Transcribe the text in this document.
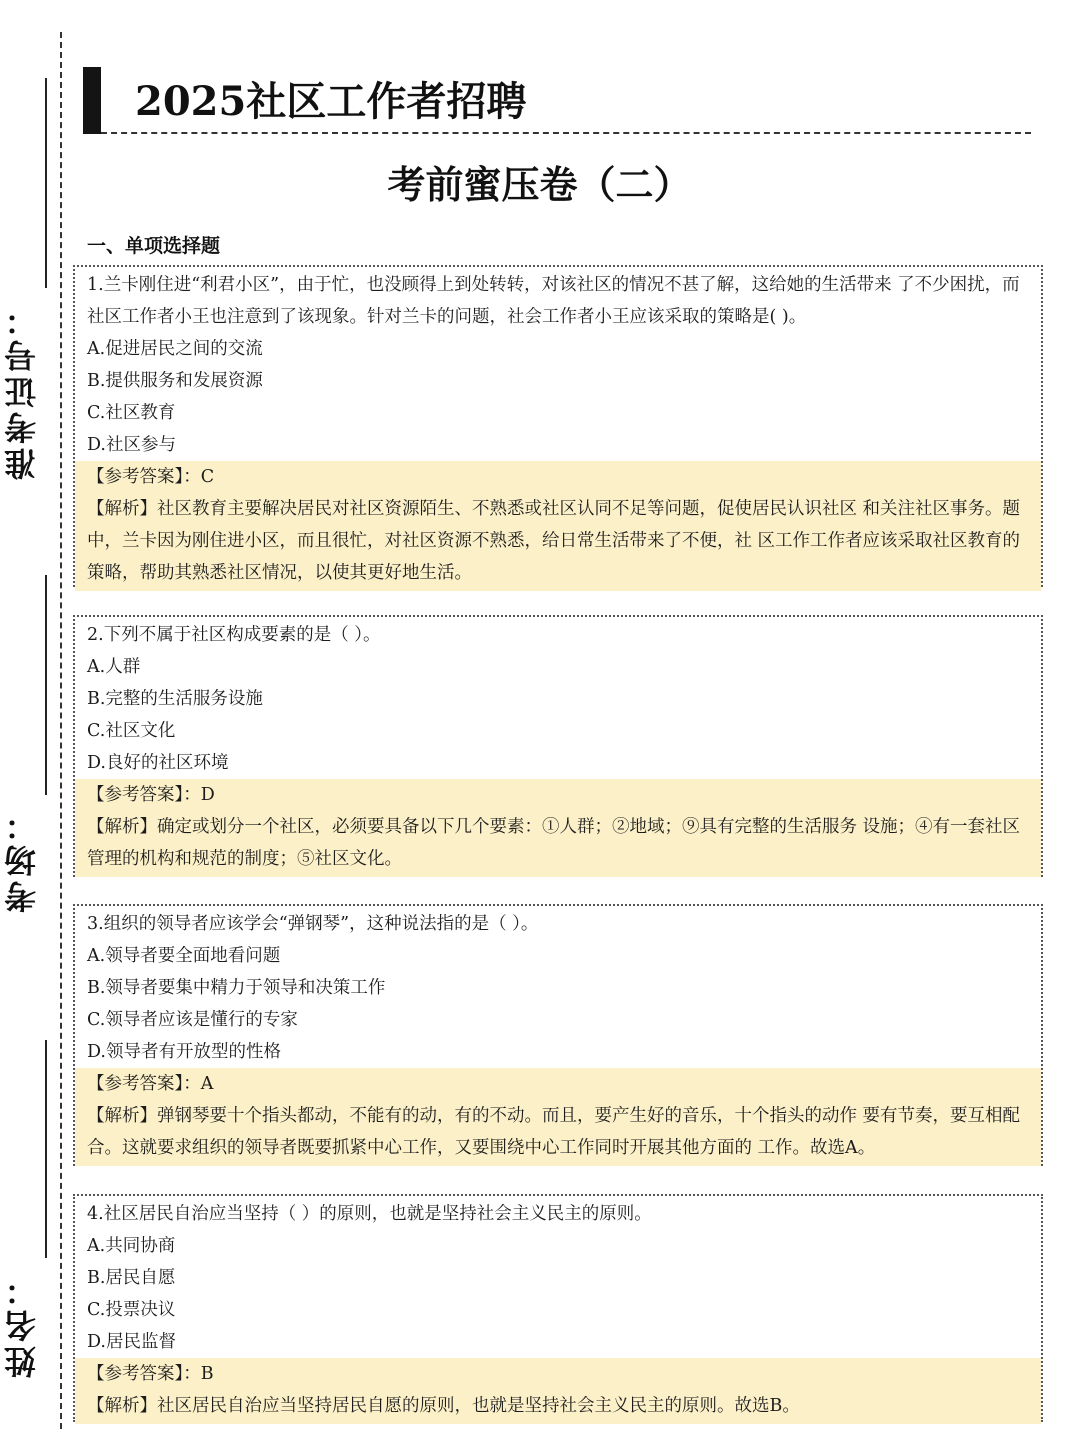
准考证号：
考场：
姓名：
2025社区工作者招聘
考前蜜压卷（二）
一、单项选择题

1.兰卡刚住进“利君小区”，由于忙，也没顾得上到处转转，对该社区的情况不甚了解，这给她的生活带来 了不少困扰，而社区工作者小王也注意到了该现象。针对兰卡的问题，社会工作者小王应该采取的策略是( )。

A.促进居民之间的交流

B.提供服务和发展资源

C.社区教育

D.社区参与

【参考答案】：C

【解析】社区教育主要解决居民对社区资源陌生、不熟悉或社区认同不足等问题，促使居民认识社区 和关注社区事务。题中，兰卡因为刚住进小区，而且很忙，对社区资源不熟悉，给日常生活带来了不便，社 区工作工作者应该采取社区教育的策略，帮助其熟悉社区情况，以使其更好地生活。

2.下列不属于社区构成要素的是（ ）。

A.人群

B.完整的生活服务设施

C.社区文化

D.良好的社区环境

【参考答案】：D

【解析】确定或划分一个社区，必须要具备以下几个要素：①人群；②地域；⑨具有完整的生活服务 设施；④有一套社区管理的机构和规范的制度；⑤社区文化。

3.组织的领导者应该学会“弹钢琴”，这种说法指的是（ ）。

A.领导者要全面地看问题

B.领导者要集中精力于领导和决策工作

C.领导者应该是懂行的专家

D.领导者有开放型的性格

【参考答案】：A

【解析】弹钢琴要十个指头都动，不能有的动，有的不动。而且，要产生好的音乐，十个指头的动作 要有节奏，要互相配合。这就要求组织的领导者既要抓紧中心工作，又要围绕中心工作同时开展其他方面的 工作。故选A。

4.社区居民自治应当坚持（ ）的原则，也就是坚持社会主义民主的原则。

A.共同协商

B.居民自愿

C.投票决议

D.居民监督

【参考答案】：B

【解析】社区居民自治应当坚持居民自愿的原则，也就是坚持社会主义民主的原则。故选B。
